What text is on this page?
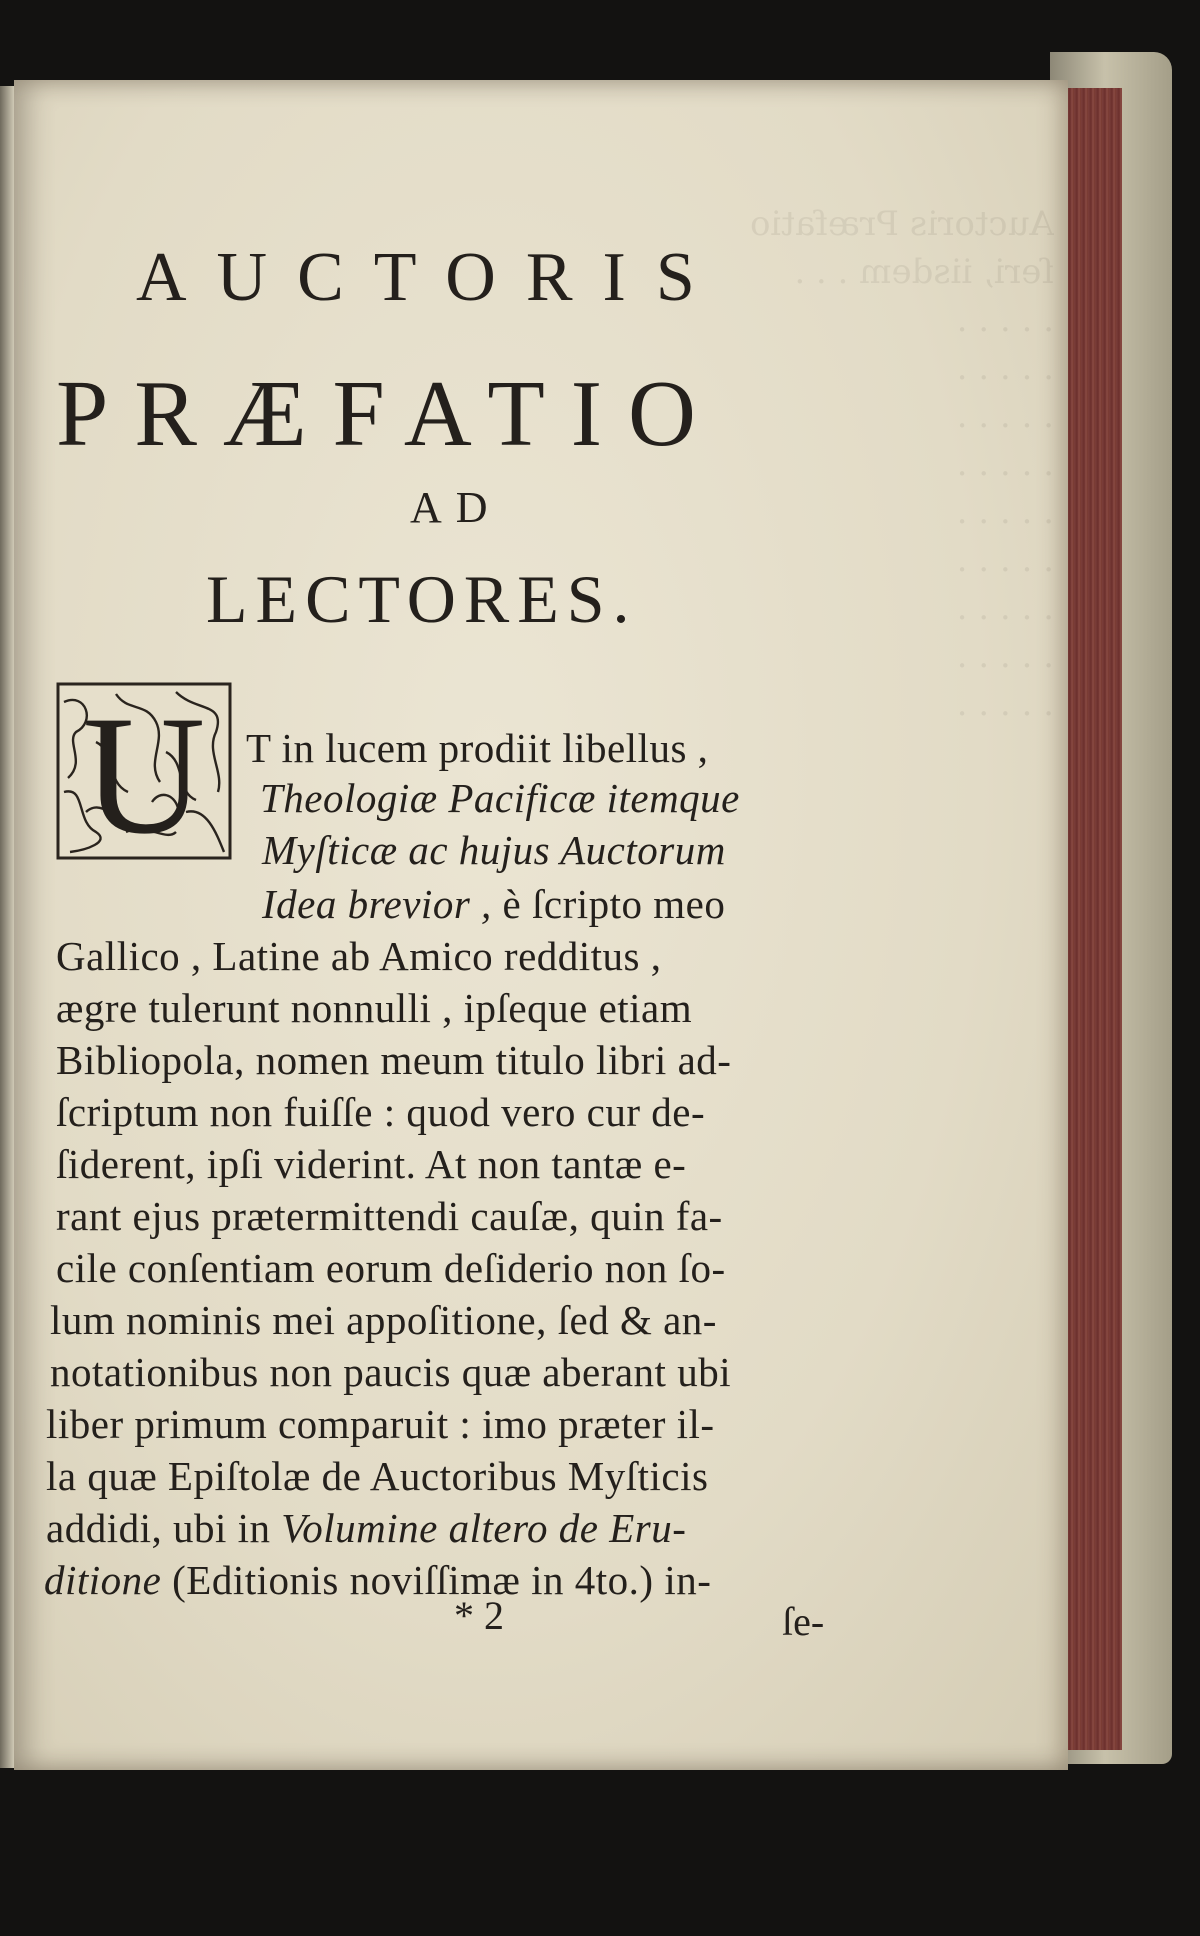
Auctoris Præfatio
ſeri, iisdem . . .
. . . . .
. . . . .
. . . . .
. . . . .
. . . . .
. . . . .
. . . . .
. . . . .
. . . . .
AUCTORIS
PRÆFATIO
AD
LECTORES.
U T in lucem prodiit libellus ,
Theologiæ Pacificæ itemque
Myſticæ ac hujus Auctorum
Idea brevior , è ſcripto meo
Gallico , Latine ab Amico redditus ,
ægre tulerunt nonnulli , ipſeque etiam
Bibliopola, nomen meum titulo libri ad-
ſcriptum non fuiſſe : quod vero cur de-
ſiderent, ipſi viderint. At non tantæ e-
rant ejus prætermittendi cauſæ, quin fa-
cile conſentiam eorum deſiderio non ſo-
lum nominis mei appoſitione, ſed & an-
notationibus non paucis quæ aberant ubi
liber primum comparuit : imo præter il-
la quæ Epiſtolæ de Auctoribus Myſticis
addidi, ubi in Volumine altero de Eru-
ditione (Editionis noviſſimæ in 4to.) in-
* 2	ſe-
